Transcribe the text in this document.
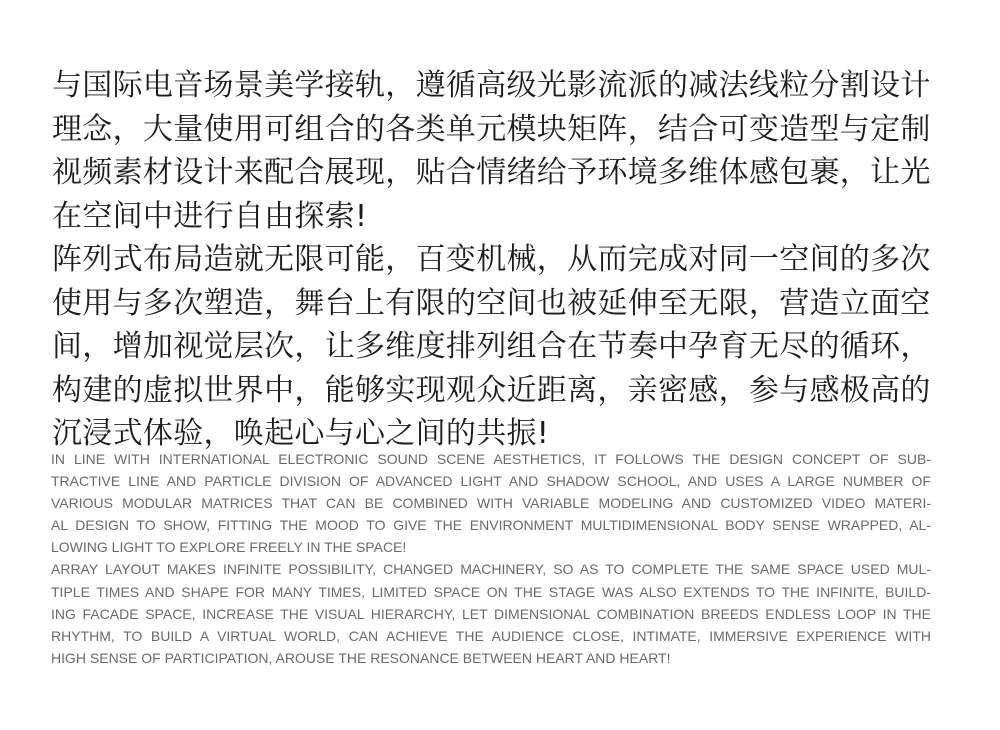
与国际电音场景美学接轨，遵循高级光影流派的减法线粒分割设计
理念，大量使用可组合的各类单元模块矩阵，结合可变造型与定制
视频素材设计来配合展现，贴合情绪给予环境多维体感包裹，让光
在空间中进行自由探索!
阵列式布局造就无限可能，百变机械，从而完成对同一空间的多次
使用与多次塑造，舞台上有限的空间也被延伸至无限，营造立面空
间，增加视觉层次，让多维度排列组合在节奏中孕育无尽的循环，
构建的虚拟世界中，能够实现观众近距离，亲密感，参与感极高的
沉浸式体验，唤起心与心之间的共振!
IN LINE WITH INTERNATIONAL ELECTRONIC SOUND SCENE AESTHETICS, IT FOLLOWS THE DESIGN CONCEPT OF SUB-
TRACTIVE LINE AND PARTICLE DIVISION OF ADVANCED LIGHT AND SHADOW SCHOOL, AND USES A LARGE NUMBER OF
VARIOUS MODULAR MATRICES THAT CAN BE COMBINED WITH VARIABLE MODELING AND CUSTOMIZED VIDEO MATERI-
AL DESIGN TO SHOW, FITTING THE MOOD TO GIVE THE ENVIRONMENT MULTIDIMENSIONAL BODY SENSE WRAPPED, AL-
LOWING LIGHT TO EXPLORE FREELY IN THE SPACE!
ARRAY LAYOUT MAKES INFINITE POSSIBILITY, CHANGED MACHINERY, SO AS TO COMPLETE THE SAME SPACE USED MUL-
TIPLE TIMES AND SHAPE FOR MANY TIMES, LIMITED SPACE ON THE STAGE WAS ALSO EXTENDS TO THE INFINITE, BUILD-
ING FACADE SPACE, INCREASE THE VISUAL HIERARCHY, LET DIMENSIONAL COMBINATION BREEDS ENDLESS LOOP IN THE
RHYTHM, TO BUILD A VIRTUAL WORLD, CAN ACHIEVE THE AUDIENCE CLOSE, INTIMATE, IMMERSIVE EXPERIENCE WITH
HIGH SENSE OF PARTICIPATION, AROUSE THE RESONANCE BETWEEN HEART AND HEART!
